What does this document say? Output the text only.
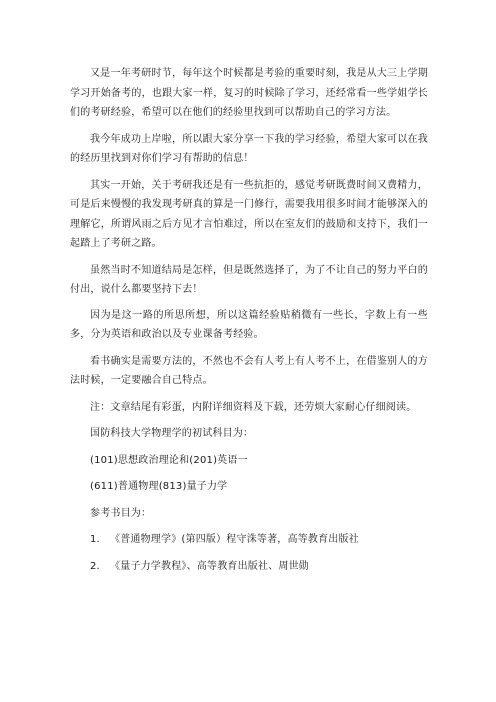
又是一年考研时节，每年这个时候都是考验的重要时刻，我是从大三上学期学习开始备考的，也跟大家一样，复习的时候除了学习，还经常看一些学姐学长们的考研经验，希望可以在他们的经验里找到可以帮助自己的学习方法。

我今年成功上岸啦，所以跟大家分享一下我的学习经验，希望大家可以在我的经历里找到对你们学习有帮助的信息！

其实一开始，关于考研我还是有一些抗拒的，感觉考研既费时间又费精力，可是后来慢慢的我发现考研真的算是一门修行，需要我用很多时间才能够深入的理解它，所谓风雨之后方见才言怕难过，所以在室友们的鼓励和支持下，我们一起踏上了考研之路。

虽然当时不知道结局是怎样，但是既然选择了，为了不让自己的努力平白的付出，说什么都要坚持下去！

因为是这一路的所思所想，所以这篇经验贴稍微有一些长，字数上有一些多，分为英语和政治以及专业课备考经验。

看书确实是需要方法的，不然也不会有人考上有人考不上，在借鉴别人的方法时候，一定要融合自己特点。

注：文章结尾有彩蛋，内附详细资料及下载，还劳烦大家耐心仔细阅读。
国防科技大学物理学的初试科目为：
(101)思想政治理论和(201)英语一
(611)普通物理(813)量子力学
参考书目为：
1. 《普通物理学》(第四版）程守洙等著，高等教育出版社
2. 《量子力学教程》、高等教育出版社、周世勋
